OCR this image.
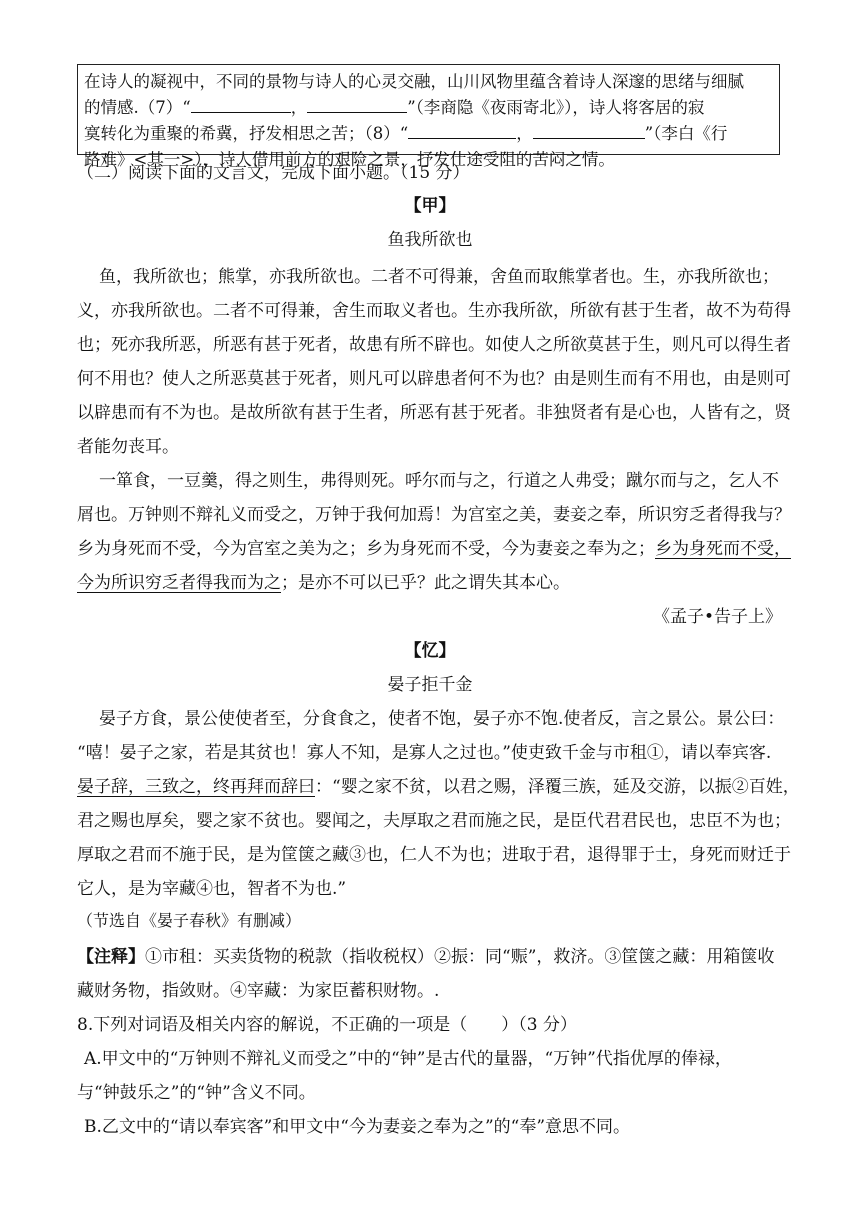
在诗人的凝视中，不同的景物与诗人的心灵交融，山川风物里蕴含着诗人深邃的思绪与细腻

的情感.（7）“	，	”（李商隐《夜雨寄北》），诗人将客居的寂

寞转化为重聚的希冀，抒发相思之苦；（8）“	，	”（李白《行

路难》<其一>），诗人借用前方的艰险之景，抒发仕途受阻的苦闷之情。

（二）阅读下面的文言文，完成下面小题。（15 分）
【甲】
鱼我所欲也
鱼，我所欲也；熊掌，亦我所欲也。二者不可得兼，舍鱼而取熊掌者也。生，亦我所欲也；
义，亦我所欲也。二者不可得兼，舍生而取义者也。生亦我所欲，所欲有甚于生者，故不为苟得
也；死亦我所恶，所恶有甚于死者，故患有所不辟也。如使人之所欲莫甚于生，则凡可以得生者
何不用也？使人之所恶莫甚于死者，则凡可以辟患者何不为也？由是则生而有不用也，由是则可
以辟患而有不为也。是故所欲有甚于生者，所恶有甚于死者。非独贤者有是心也，人皆有之，贤
者能勿丧耳。
一箪食，一豆羹，得之则生，弗得则死。呼尔而与之，行道之人弗受；蹴尔而与之，乞人不
屑也。万钟则不辩礼义而受之，万钟于我何加焉！为宫室之美，妻妾之奉，所识穷乏者得我与？
乡为身死而不受，今为宫室之美为之；乡为身死而不受，今为妻妾之奉为之；乡为身死而不受，
今为所识穷乏者得我而为之；是亦不可以已乎？此之谓失其本心。
《孟子•告子上》
【忆】
晏子拒千金
晏子方食，景公使使者至，分食食之，使者不饱，晏子亦不饱.使者反，言之景公。景公曰：
“嘻！晏子之家，若是其贫也！寡人不知，是寡人之过也。”使吏致千金与市租①，请以奉宾客.
晏子辞，三致之，终再拜而辞曰：“婴之家不贫，以君之赐，泽覆三族，延及交游，以振②百姓，
君之赐也厚矣，婴之家不贫也。婴闻之，夫厚取之君而施之民，是臣代君君民也，忠臣不为也；
厚取之君而不施于民，是为筐箧之藏③也，仁人不为也；进取于君，退得罪于士，身死而财迁于
它人，是为宰藏④也，智者不为也.”
（节选自《晏子春秋》有删减）
【注释】①市租：买卖货物的税款（指收税权）②振：同“赈”，救济。③筐箧之藏：用箱箧收
藏财务物，指敛财。④宰藏：为家臣蓄积财物。.
8.下列对词语及相关内容的解说，不正确的一项是（　　）（3 分）
A.甲文中的“万钟则不辩礼义而受之”中的“钟”是古代的量器，“万钟”代指优厚的俸禄，
与“钟鼓乐之”的“钟”含义不同。
B.乙文中的“请以奉宾客”和甲文中“今为妻妾之奉为之”的“奉”意思不同。
